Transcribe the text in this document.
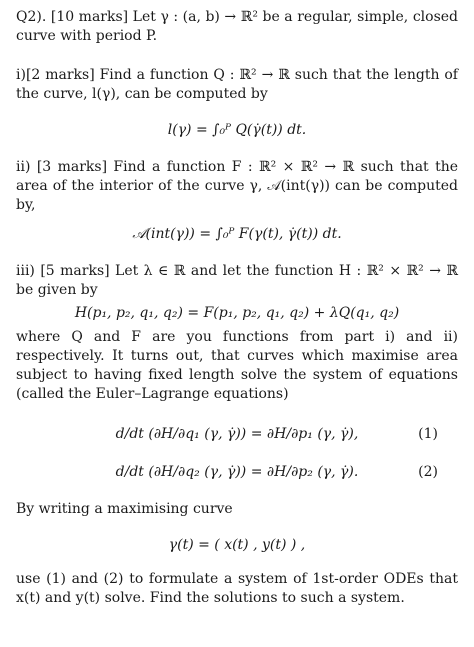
Q2). [10 marks] Let γ : (a, b) → ℝ² be a regular, simple, closed curve with period P.

i)[2 marks] Find a function Q : ℝ² → ℝ such that the length of the curve, l(γ), can be computed by

l(γ) = ∫₀ᴾ Q(γ̇(t)) dt.

ii) [3 marks] Find a function F : ℝ² × ℝ² → ℝ such that the area of the interior of the curve γ, 𝒜(int(γ)) can be computed by,

𝒜(int(γ)) = ∫₀ᴾ F(γ(t), γ̇(t)) dt.

iii) [5 marks] Let λ ∈ ℝ and let the function H : ℝ² × ℝ² → ℝ be given by

H(p₁, p₂, q₁, q₂) = F(p₁, p₂, q₁, q₂) + λQ(q₁, q₂)

where Q and F are you functions from part i) and ii) respectively. It turns out, that curves which maximise area subject to having fixed length solve the system of equations (called the Euler–Lagrange equations)

d/dt (∂H/∂q₁ (γ, γ̇)) = ∂H/∂p₁ (γ, γ̇),	(1)
d/dt (∂H/∂q₂ (γ, γ̇)) = ∂H/∂p₂ (γ, γ̇).	(2)

By writing a maximising curve

γ(t) = ( x(t) , y(t) ) ,

use (1) and (2) to formulate a system of 1st-order ODEs that x(t) and y(t) solve. Find the solutions to such a system.
